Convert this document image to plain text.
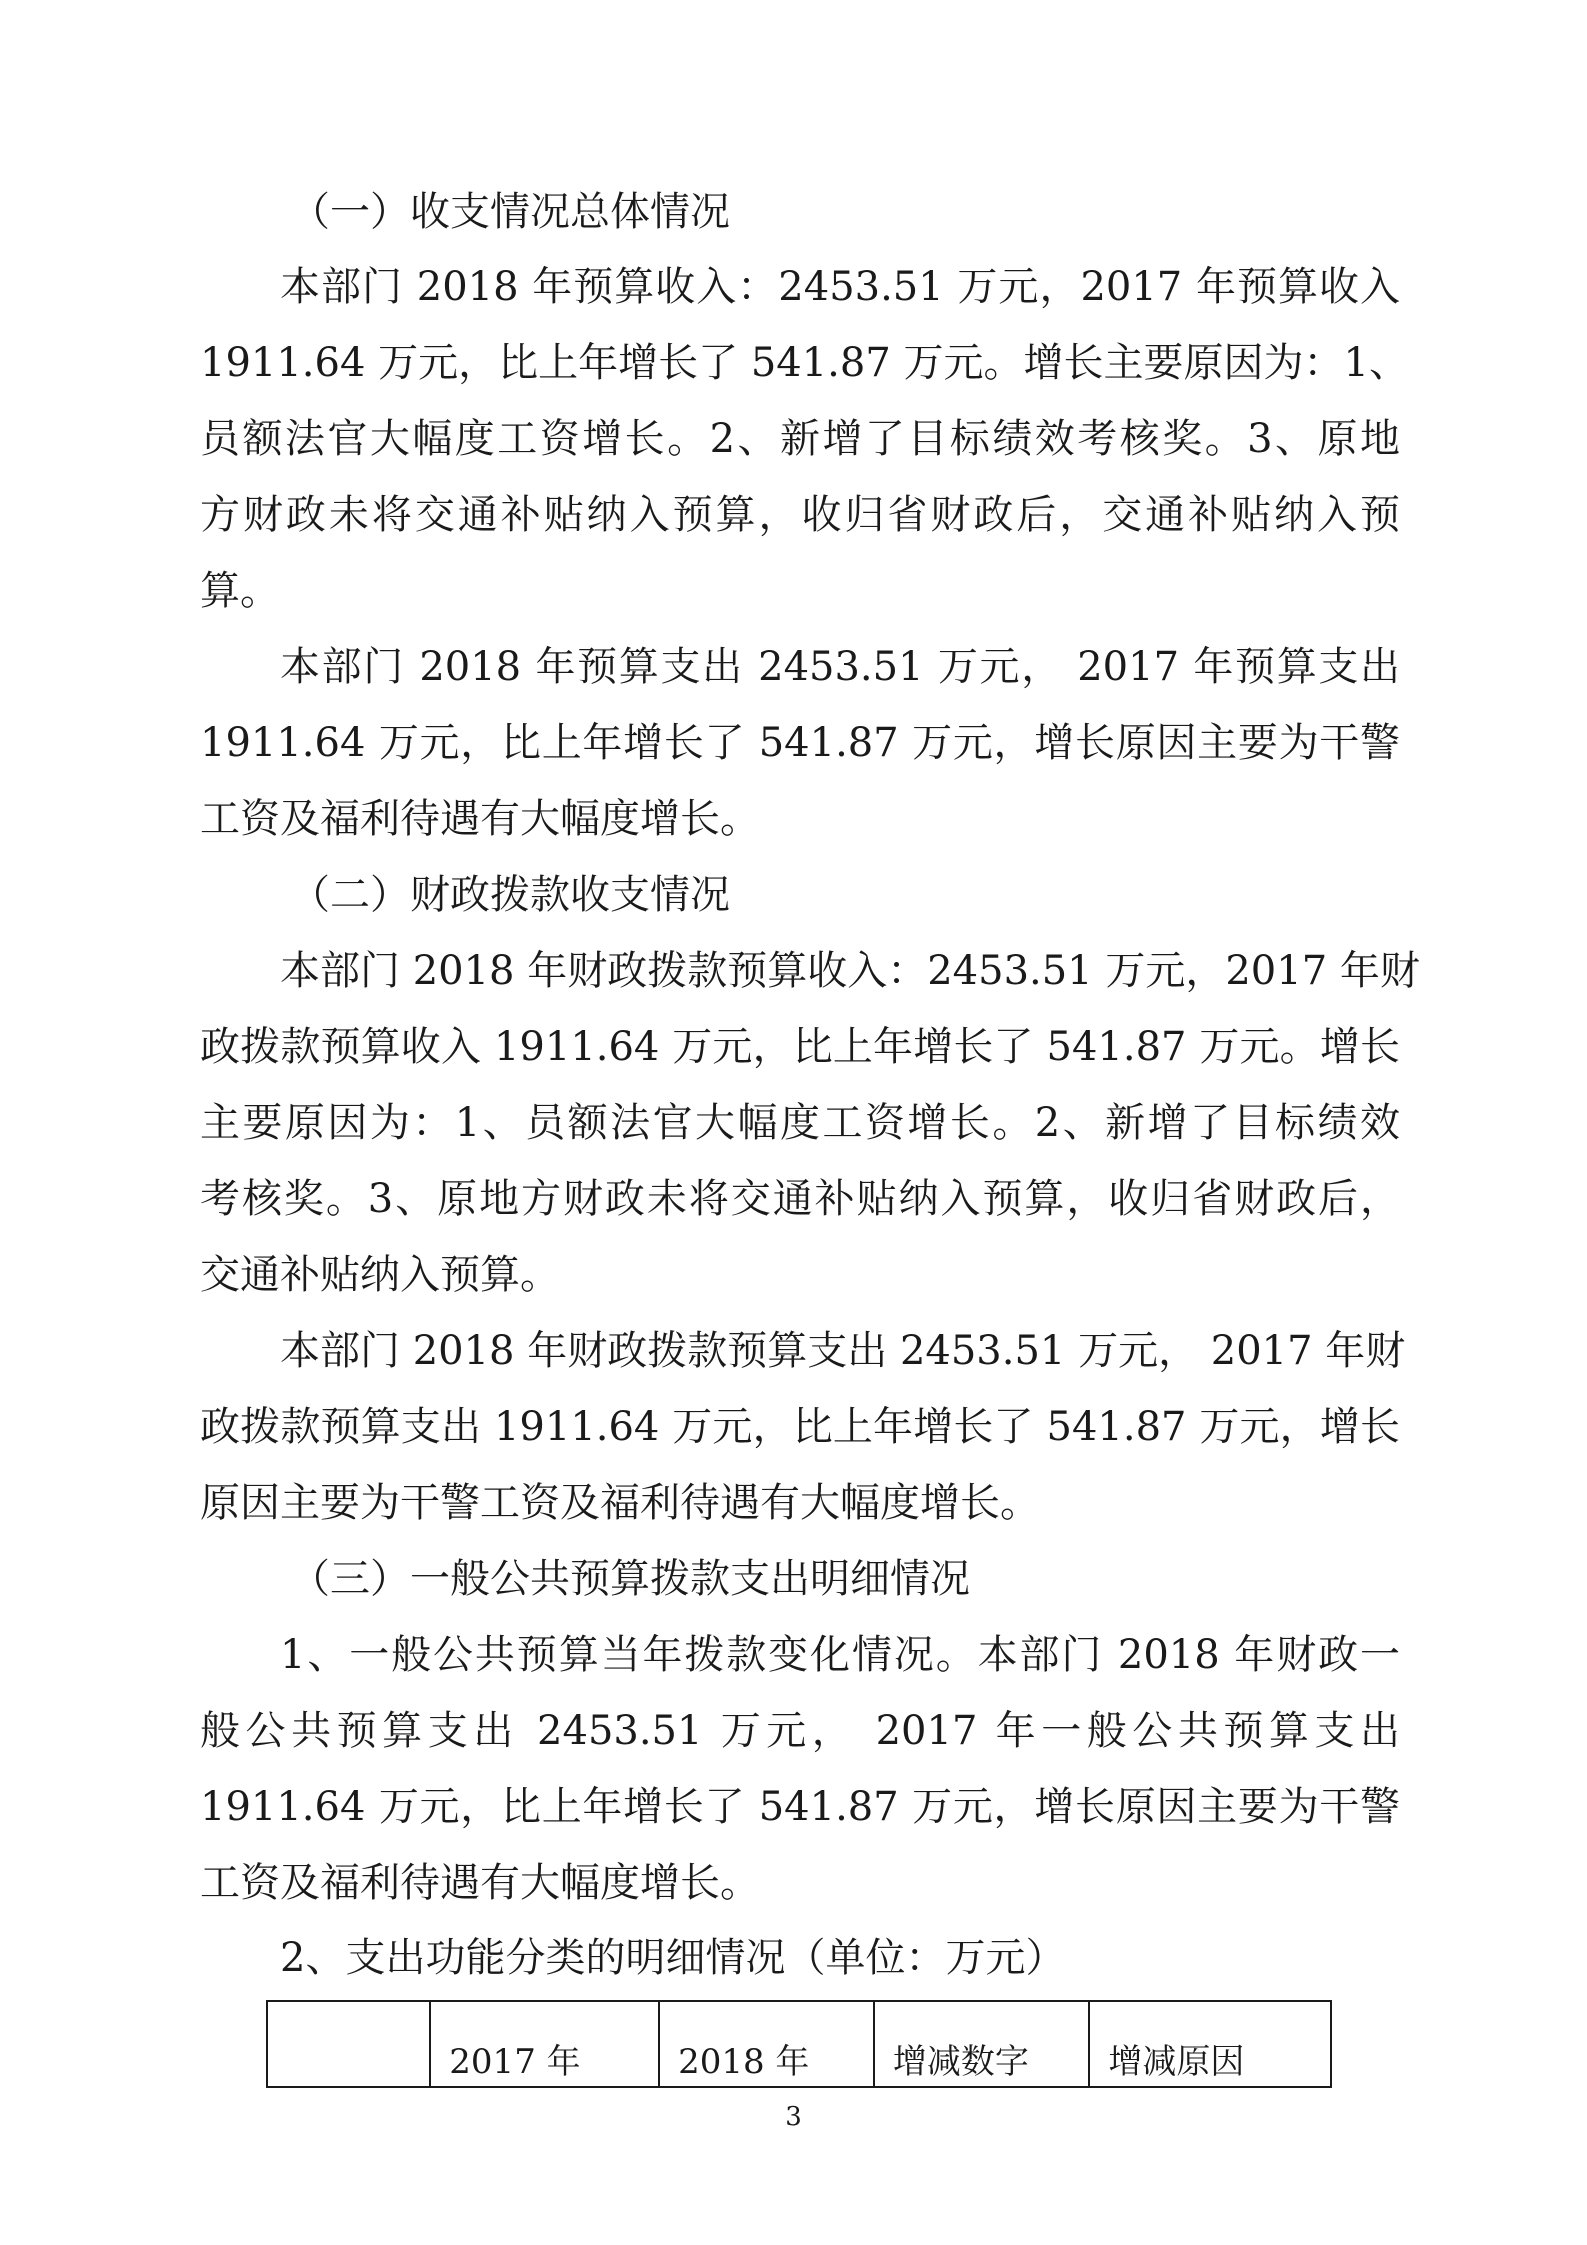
（一）收支情况总体情况

本部门 2018 年预算收入：2453.51 万元，2017 年预算收入

1911.64 万元，比上年增长了 541.87 万元。增长主要原因为：1、

员额法官大幅度工资增长。2、新增了目标绩效考核奖。3、原地

方财政未将交通补贴纳入预算，收归省财政后，交通补贴纳入预

算。

本部门 2018 年预算支出 2453.51 万元， 2017 年预算支出

1911.64 万元，比上年增长了 541.87 万元，增长原因主要为干警

工资及福利待遇有大幅度增长。

（二）财政拨款收支情况

本部门 2018 年财政拨款预算收入：2453.51 万元，2017 年财

政拨款预算收入 1911.64 万元，比上年增长了 541.87 万元。增长

主要原因为：1、员额法官大幅度工资增长。2、新增了目标绩效

考核奖。3、原地方财政未将交通补贴纳入预算，收归省财政后，

交通补贴纳入预算。

本部门 2018 年财政拨款预算支出 2453.51 万元， 2017 年财

政拨款预算支出 1911.64 万元，比上年增长了 541.87 万元，增长

原因主要为干警工资及福利待遇有大幅度增长。

（三）一般公共预算拨款支出明细情况

1、一般公共预算当年拨款变化情况。本部门 2018 年财政一

般公共预算支出 2453.51 万元， 2017 年一般公共预算支出

1911.64 万元，比上年增长了 541.87 万元，增长原因主要为干警

工资及福利待遇有大幅度增长。

2、支出功能分类的明细情况（单位：万元）

	2017 年	2018 年	增减数字	增减原因

3
